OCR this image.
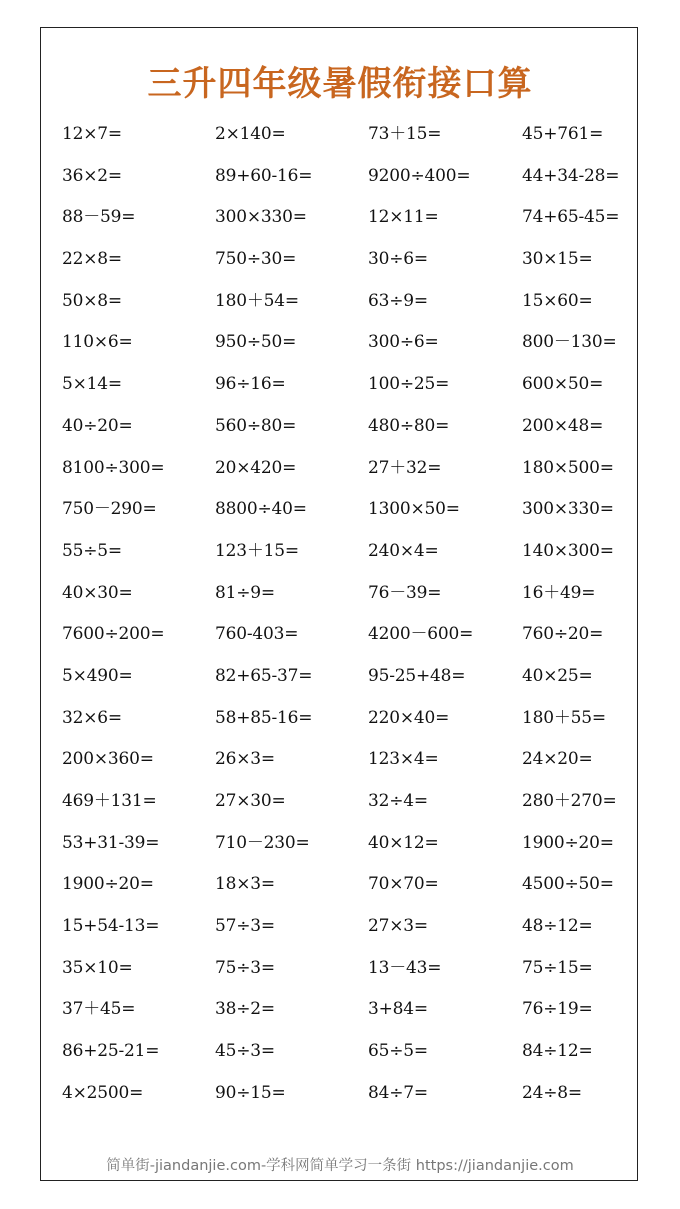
三升四年级暑假衔接口算
12×7=	2×140=	73＋15=	45+761=
36×2=	89+60-16=	9200÷400=	44+34-28=
88－59=	300×330=	12×11=	74+65-45=
22×8=	750÷30=	30÷6=	30×15=
50×8=	180＋54=	63÷9=	15×60=
110×6=	950÷50=	300÷6=	800－130=
5×14=	96÷16=	100÷25=	600×50=
40÷20=	560÷80=	480÷80=	200×48=
8100÷300=	20×420=	27＋32=	180×500=
750－290=	8800÷40=	1300×50=	300×330=
55÷5=	123＋15=	240×4=	140×300=
40×30=	81÷9=	76－39=	16＋49=
7600÷200=	760-403=	4200－600=	760÷20=
5×490=	82+65-37=	95-25+48=	40×25=
32×6=	58+85-16=	220×40=	180＋55=
200×360=	26×3=	123×4=	24×20=
469＋131=	27×30=	32÷4=	280＋270=
53+31-39=	710－230=	40×12=	1900÷20=
1900÷20=	18×3=	70×70=	4500÷50=
15+54-13=	57÷3=	27×3=	48÷12=
35×10=	75÷3=	13－43=	75÷15=
37＋45=	38÷2=	3+84=	76÷19=
86+25-21=	45÷3=	65÷5=	84÷12=
4×2500=	90÷15=	84÷7=	24÷8=
简单街-jiandanjie.com-学科网简单学习一条街 https://jiandanjie.com
